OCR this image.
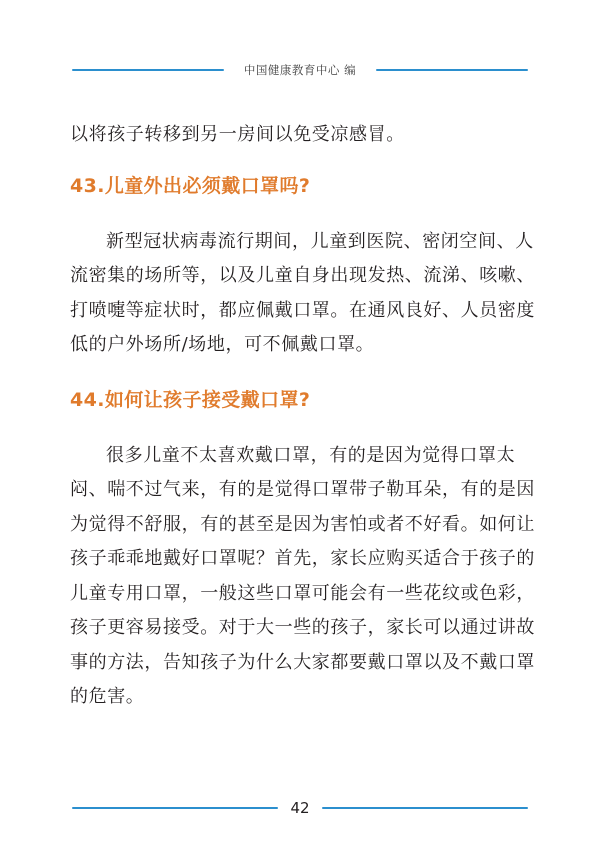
中国健康教育中心 编

以将孩子转移到另一房间以免受凉感冒。

43.儿童外出必须戴口罩吗?

新型冠状病毒流行期间，儿童到医院、密闭空间、人流密集的场所等，以及儿童自身出现发热、流涕、咳嗽、打喷嚏等症状时，都应佩戴口罩。在通风良好、人员密度低的户外场所/场地，可不佩戴口罩。

44.如何让孩子接受戴口罩?

很多儿童不太喜欢戴口罩，有的是因为觉得口罩太闷、喘不过气来，有的是觉得口罩带子勒耳朵，有的是因为觉得不舒服，有的甚至是因为害怕或者不好看。如何让孩子乖乖地戴好口罩呢？首先，家长应购买适合于孩子的儿童专用口罩，一般这些口罩可能会有一些花纹或色彩，孩子更容易接受。对于大一些的孩子，家长可以通过讲故事的方法，告知孩子为什么大家都要戴口罩以及不戴口罩的危害。

42
